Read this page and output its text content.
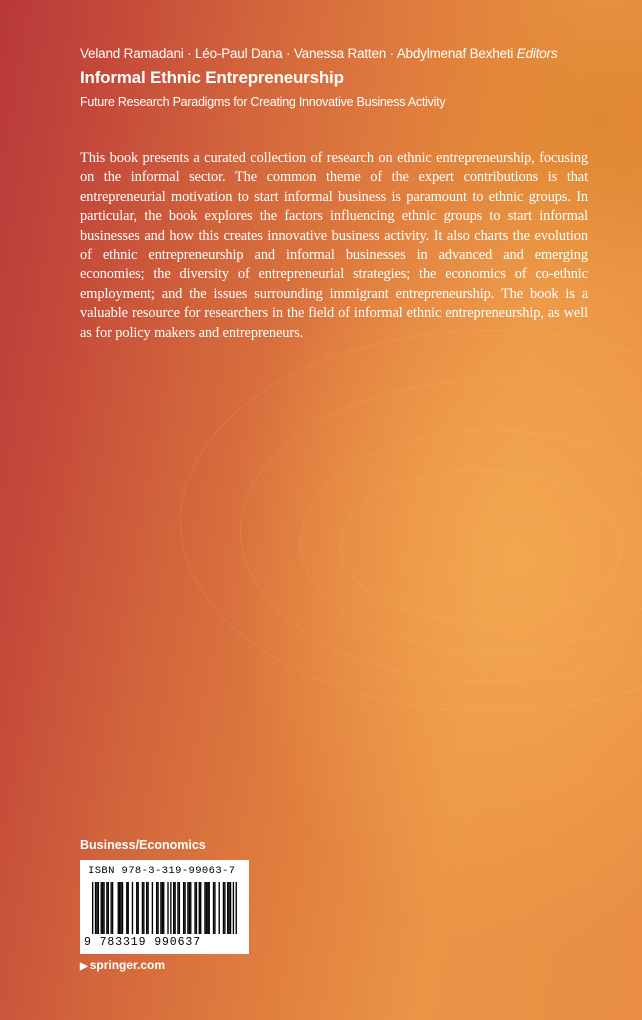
Veland Ramadani · Léo-Paul Dana · Vanessa Ratten · Abdylmenaf Bexheti Editors
Informal Ethnic Entrepreneurship
Future Research Paradigms for Creating Innovative Business Activity
This book presents a curated collection of research on ethnic entrepreneurship, focusing on the informal sector. The common theme of the expert contributions is that entrepreneurial motivation to start informal business is paramount to ethnic groups. In particular, the book explores the factors influencing ethnic groups to start informal businesses and how this creates innovative business activity. It also charts the evolution of ethnic entrepreneurship and informal businesses in advanced and emerging economies; the diversity of entrepreneurial strategies; the economics of co-ethnic employment; and the issues surrounding immigrant entrepreneurship. The book is a valuable resource for researchers in the field of informal ethnic entrepreneurship, as well as for policy makers and entrepreneurs.
Business/Economics
ISBN 978-3-319-99063-7
9 783319 990637
▶ springer.com
